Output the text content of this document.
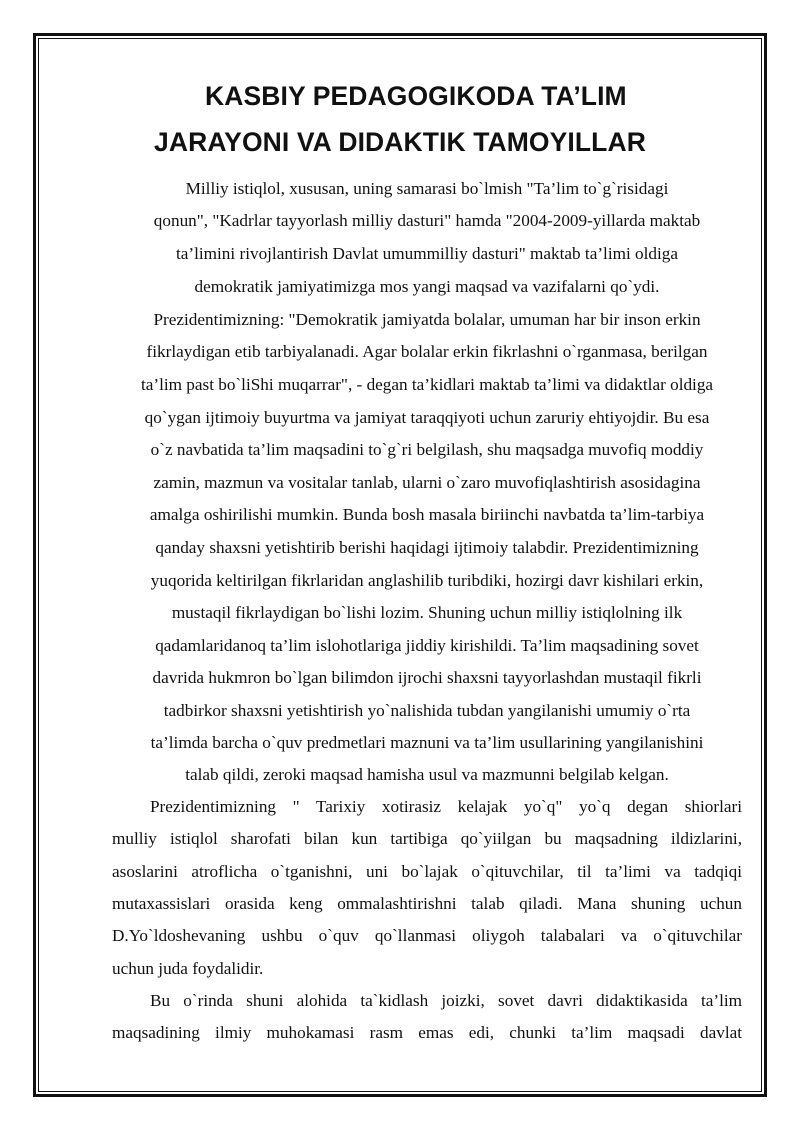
KASBIY PEDAGOGIKODA TA’LIM
JARAYONI VA DIDAKTIK TAMOYILLAR

Milliy istiqlol, xususan, uning samarasi bo`lmish "Ta’lim to`g`risidagi

qonun", "Kadrlar tayyorlash milliy dasturi" hamda "2004-2009-yillarda maktab

ta’limini rivojlantirish Davlat umummilliy dasturi" maktab ta’limi oldiga

demokratik jamiyatimizga mos yangi maqsad va vazifalarni qo`ydi.

Prezidentimizning: "Demokratik jamiyatda bolalar, umuman har bir inson erkin

fikrlaydigan etib tarbiyalanadi. Agar bolalar erkin fikrlashni o`rganmasa, berilgan

ta’lim past bo`liShi muqarrar", - degan ta’kidlari maktab ta’limi va didaktlar oldiga

qo`ygan ijtimoiy buyurtma va jamiyat taraqqiyoti uchun zaruriy ehtiyojdir. Bu esa

o`z navbatida ta’lim maqsadini to`g`ri belgilash, shu maqsadga muvofiq moddiy

zamin, mazmun va vositalar tanlab, ularni o`zaro muvofiqlashtirish asosidagina

amalga oshirilishi mumkin. Bunda bosh masala biriinchi navbatda ta’lim-tarbiya

qanday shaxsni yetishtirib berishi haqidagi ijtimoiy talabdir. Prezidentimizning

yuqorida keltirilgan fikrlaridan anglashilib turibdiki, hozirgi davr kishilari erkin,

mustaqil fikrlaydigan bo`lishi lozim. Shuning uchun milliy istiqlolning ilk

qadamlaridanoq ta’lim islohotlariga jiddiy kirishildi. Ta’lim maqsadining sovet

davrida hukmron bo`lgan bilimdon ijrochi shaxsni tayyorlashdan mustaqil fikrli

tadbirkor shaxsni yetishtirish yo`nalishida tubdan yangilanishi umumiy o`rta

ta’limda barcha o`quv predmetlari maznuni va ta’lim usullarining yangilanishini

talab qildi, zeroki maqsad hamisha usul va mazmunni belgilab kelgan.

Prezidentimizning " Tarixiy xotirasiz kelajak yo`q" yo`q degan shiorlari

mulliy istiqlol sharofati bilan kun tartibiga qo`yiilgan bu maqsadning ildizlarini,

asoslarini atroflicha o`tganishni, uni bo`lajak o`qituvchilar, til ta’limi va tadqiqi

mutaxassislari orasida keng ommalashtirishni talab qiladi. Mana shuning uchun

D.Yo`ldoshevaning ushbu o`quv qo`llanmasi oliygoh talabalari va o`qituvchilar

uchun juda foydalidir.

Bu o`rinda shuni alohida ta`kidlash joizki, sovet davri didaktikasida ta’lim

maqsadining ilmiy muhokamasi rasm emas edi, chunki ta’lim maqsadi davlat
